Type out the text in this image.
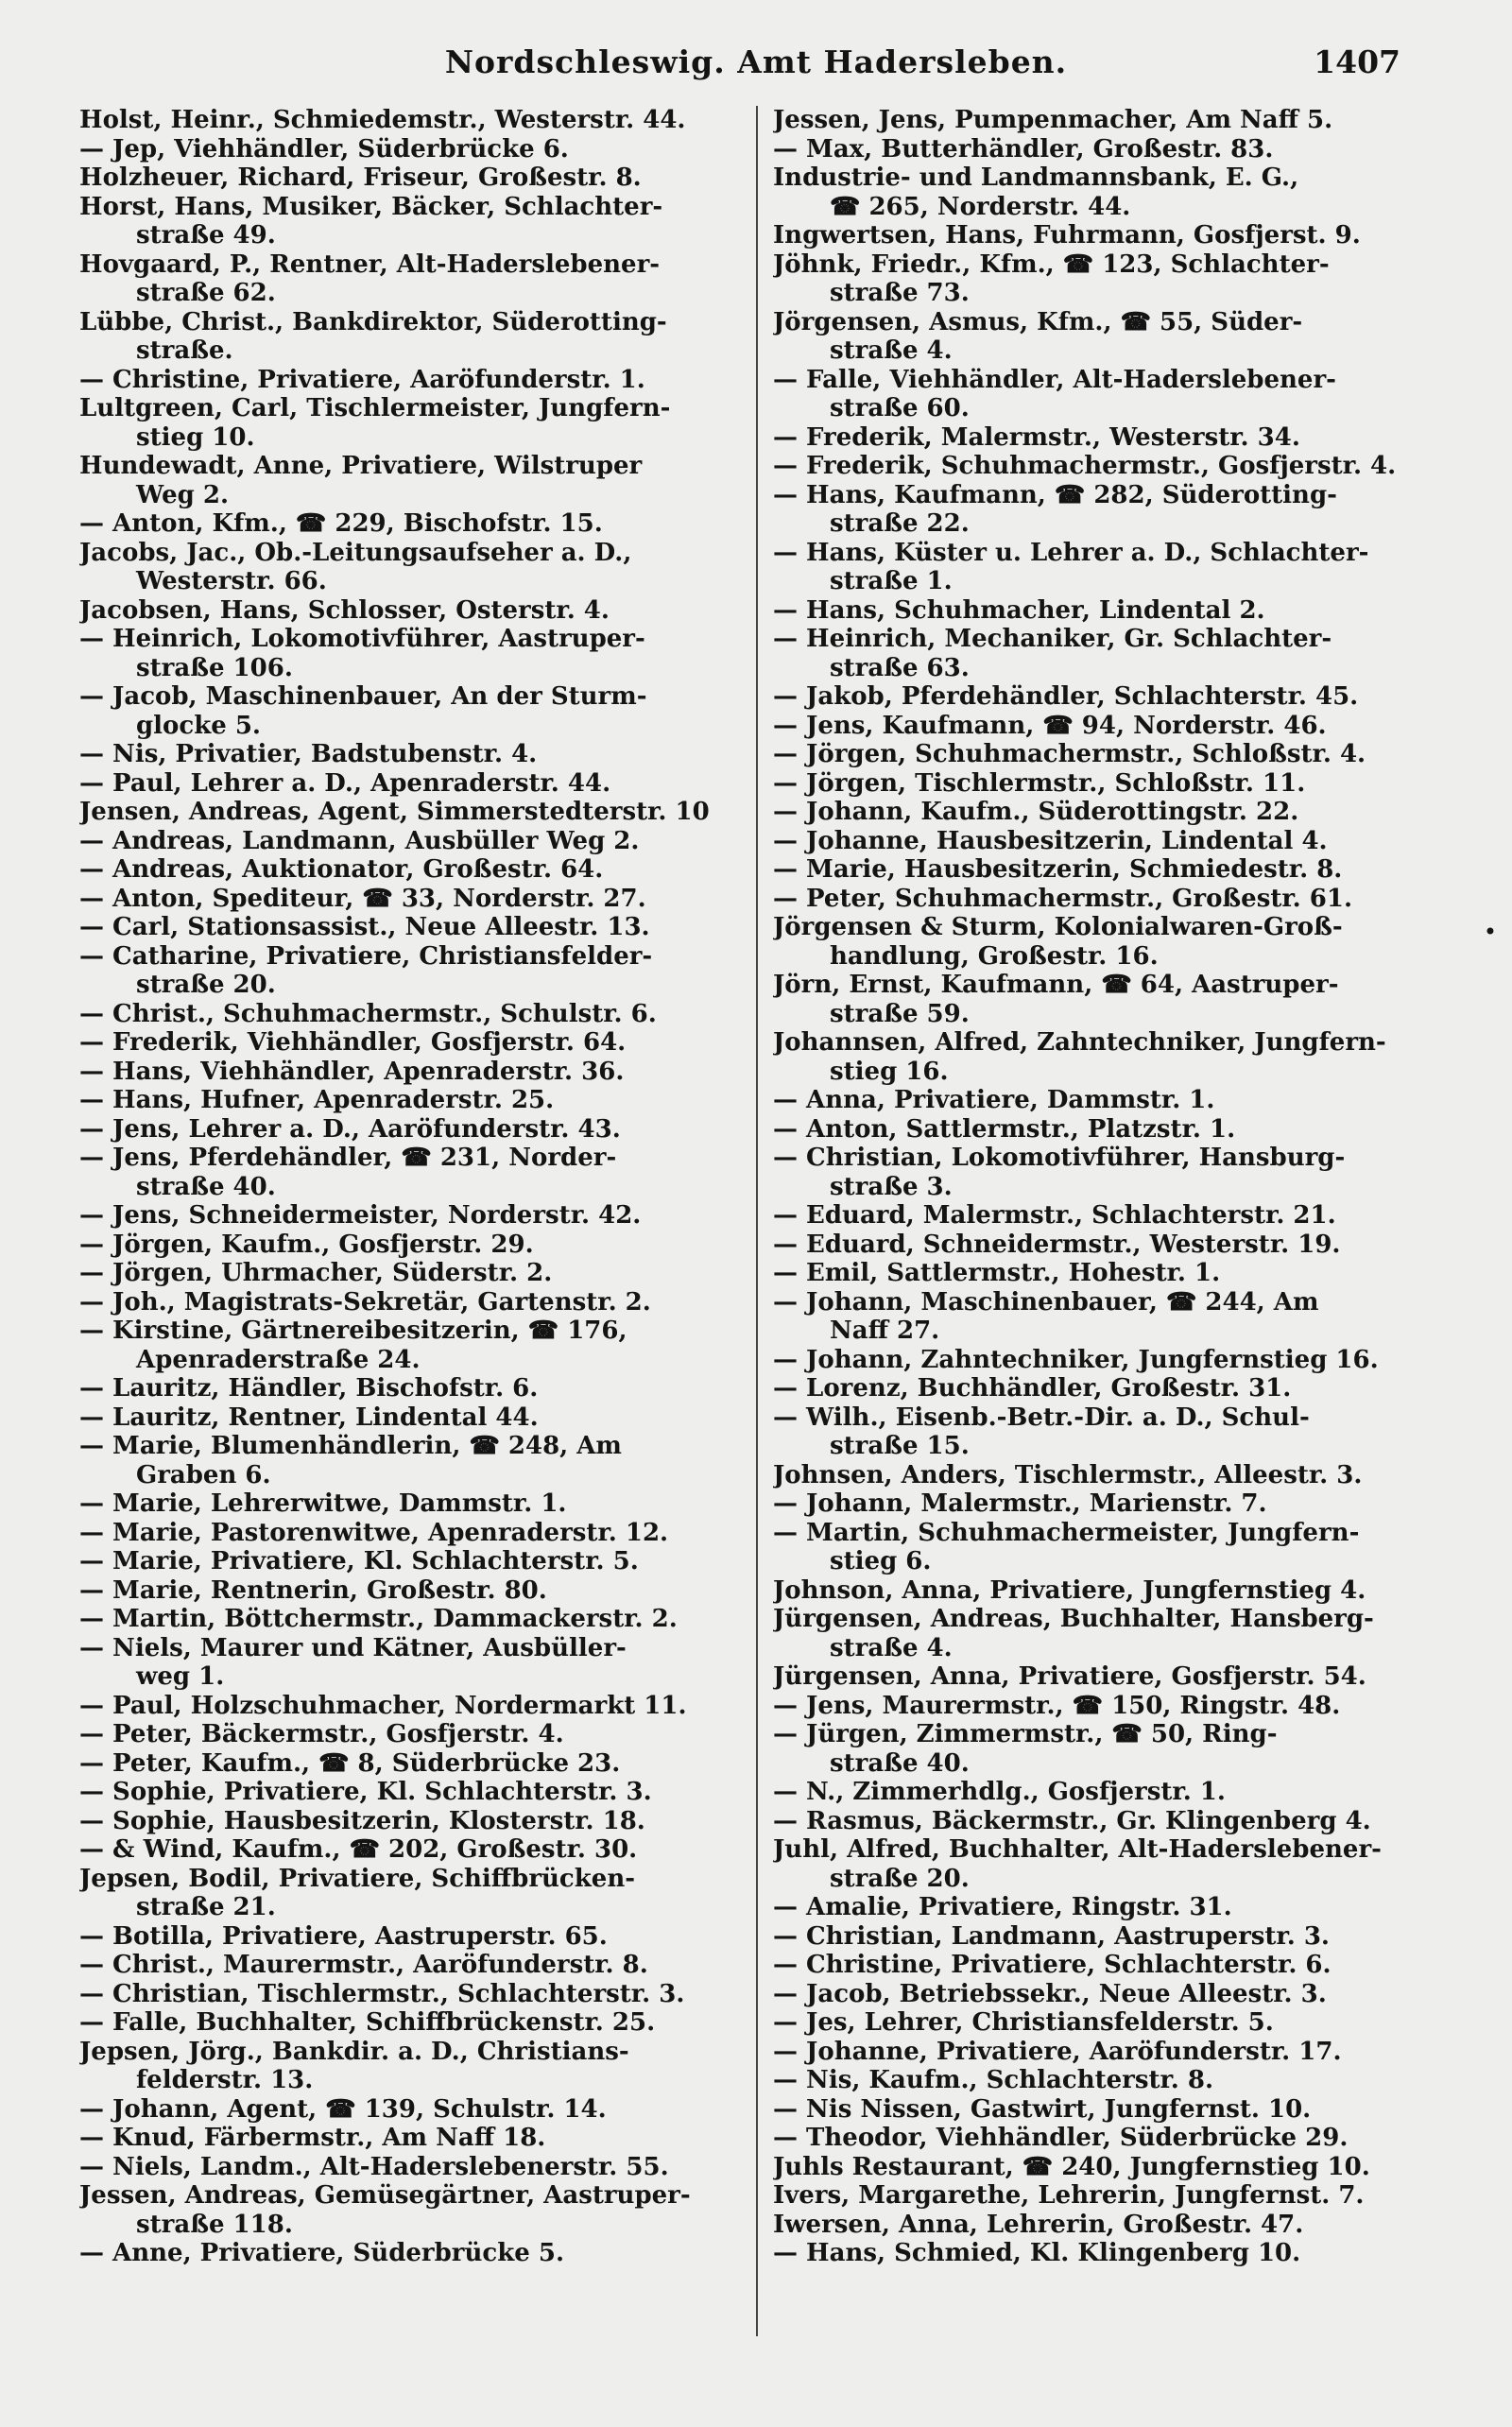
Nordschleswig. Amt Hadersleben.	1407
Holst, Heinr., Schmiedemstr., Westerstr. 44.
— Jep, Viehhändler, Süderbrücke 6.
Holzheuer, Richard, Friseur, Großestr. 8.
Horst, Hans, Musiker, Bäcker, Schlachter-
straße 49.
Hovgaard, P., Rentner, Alt-Haderslebener-
straße 62.
Lübbe, Christ., Bankdirektor, Süderotting-
straße.
— Christine, Privatiere, Aaröfunderstr. 1.
Lultgreen, Carl, Tischlermeister, Jungfern-
stieg 10.
Hundewadt, Anne, Privatiere, Wilstruper
Weg 2.
— Anton, Kfm., ☎ 229, Bischofstr. 15.
Jacobs, Jac., Ob.-Leitungsaufseher a. D.,
Westerstr. 66.
Jacobsen, Hans, Schlosser, Osterstr. 4.
— Heinrich, Lokomotivführer, Aastruper-
straße 106.
— Jacob, Maschinenbauer, An der Sturm-
glocke 5.
— Nis, Privatier, Badstubenstr. 4.
— Paul, Lehrer a. D., Apenraderstr. 44.
Jensen, Andreas, Agent, Simmerstedterstr. 10
— Andreas, Landmann, Ausbüller Weg 2.
— Andreas, Auktionator, Großestr. 64.
— Anton, Spediteur, ☎ 33, Norderstr. 27.
— Carl, Stationsassist., Neue Alleestr. 13.
— Catharine, Privatiere, Christiansfelder-
straße 20.
— Christ., Schuhmachermstr., Schulstr. 6.
— Frederik, Viehhändler, Gosfjerstr. 64.
— Hans, Viehhändler, Apenraderstr. 36.
— Hans, Hufner, Apenraderstr. 25.
— Jens, Lehrer a. D., Aaröfunderstr. 43.
— Jens, Pferdehändler, ☎ 231, Norder-
straße 40.
— Jens, Schneidermeister, Norderstr. 42.
— Jörgen, Kaufm., Gosfjerstr. 29.
— Jörgen, Uhrmacher, Süderstr. 2.
— Joh., Magistrats-Sekretär, Gartenstr. 2.
— Kirstine, Gärtnereibesitzerin, ☎ 176,
Apenraderstraße 24.
— Lauritz, Händler, Bischofstr. 6.
— Lauritz, Rentner, Lindental 44.
— Marie, Blumenhändlerin, ☎ 248, Am
Graben 6.
— Marie, Lehrerwitwe, Dammstr. 1.
— Marie, Pastorenwitwe, Apenraderstr. 12.
— Marie, Privatiere, Kl. Schlachterstr. 5.
— Marie, Rentnerin, Großestr. 80.
— Martin, Böttchermstr., Dammackerstr. 2.
— Niels, Maurer und Kätner, Ausbüller-
weg 1.
— Paul, Holzschuhmacher, Nordermarkt 11.
— Peter, Bäckermstr., Gosfjerstr. 4.
— Peter, Kaufm., ☎ 8, Süderbrücke 23.
— Sophie, Privatiere, Kl. Schlachterstr. 3.
— Sophie, Hausbesitzerin, Klosterstr. 18.
— & Wind, Kaufm., ☎ 202, Großestr. 30.
Jepsen, Bodil, Privatiere, Schiffbrücken-
straße 21.
— Botilla, Privatiere, Aastruperstr. 65.
— Christ., Maurermstr., Aaröfunderstr. 8.
— Christian, Tischlermstr., Schlachterstr. 3.
— Falle, Buchhalter, Schiffbrückenstr. 25.
Jepsen, Jörg., Bankdir. a. D., Christians-
felderstr. 13.
— Johann, Agent, ☎ 139, Schulstr. 14.
— Knud, Färbermstr., Am Naff 18.
— Niels, Landm., Alt-Haderslebenerstr. 55.
Jessen, Andreas, Gemüsegärtner, Aastruper-
straße 118.
— Anne, Privatiere, Süderbrücke 5.
Jessen, Jens, Pumpenmacher, Am Naff 5.
— Max, Butterhändler, Großestr. 83.
Industrie- und Landmannsbank, E. G.,
☎ 265, Norderstr. 44.
Ingwertsen, Hans, Fuhrmann, Gosfjerst. 9.
Jöhnk, Friedr., Kfm., ☎ 123, Schlachter-
straße 73.
Jörgensen, Asmus, Kfm., ☎ 55, Süder-
straße 4.
— Falle, Viehhändler, Alt-Haderslebener-
straße 60.
— Frederik, Malermstr., Westerstr. 34.
— Frederik, Schuhmachermstr., Gosfjerstr. 4.
— Hans, Kaufmann, ☎ 282, Süderotting-
straße 22.
— Hans, Küster u. Lehrer a. D., Schlachter-
straße 1.
— Hans, Schuhmacher, Lindental 2.
— Heinrich, Mechaniker, Gr. Schlachter-
straße 63.
— Jakob, Pferdehändler, Schlachterstr. 45.
— Jens, Kaufmann, ☎ 94, Norderstr. 46.
— Jörgen, Schuhmachermstr., Schloßstr. 4.
— Jörgen, Tischlermstr., Schloßstr. 11.
— Johann, Kaufm., Süderottingstr. 22.
— Johanne, Hausbesitzerin, Lindental 4.
— Marie, Hausbesitzerin, Schmiedestr. 8.
— Peter, Schuhmachermstr., Großestr. 61.
Jörgensen & Sturm, Kolonialwaren-Groß-
handlung, Großestr. 16.
Jörn, Ernst, Kaufmann, ☎ 64, Aastruper-
straße 59.
Johannsen, Alfred, Zahntechniker, Jungfern-
stieg 16.
— Anna, Privatiere, Dammstr. 1.
— Anton, Sattlermstr., Platzstr. 1.
— Christian, Lokomotivführer, Hansburg-
straße 3.
— Eduard, Malermstr., Schlachterstr. 21.
— Eduard, Schneidermstr., Westerstr. 19.
— Emil, Sattlermstr., Hohestr. 1.
— Johann, Maschinenbauer, ☎ 244, Am
Naff 27.
— Johann, Zahntechniker, Jungfernstieg 16.
— Lorenz, Buchhändler, Großestr. 31.
— Wilh., Eisenb.-Betr.-Dir. a. D., Schul-
straße 15.
Johnsen, Anders, Tischlermstr., Alleestr. 3.
— Johann, Malermstr., Marienstr. 7.
— Martin, Schuhmachermeister, Jungfern-
stieg 6.
Johnson, Anna, Privatiere, Jungfernstieg 4.
Jürgensen, Andreas, Buchhalter, Hansberg-
straße 4.
Jürgensen, Anna, Privatiere, Gosfjerstr. 54.
— Jens, Maurermstr., ☎ 150, Ringstr. 48.
— Jürgen, Zimmermstr., ☎ 50, Ring-
straße 40.
— N., Zimmerhdlg., Gosfjerstr. 1.
— Rasmus, Bäckermstr., Gr. Klingenberg 4.
Juhl, Alfred, Buchhalter, Alt-Haderslebener-
straße 20.
— Amalie, Privatiere, Ringstr. 31.
— Christian, Landmann, Aastruperstr. 3.
— Christine, Privatiere, Schlachterstr. 6.
— Jacob, Betriebssekr., Neue Alleestr. 3.
— Jes, Lehrer, Christiansfelderstr. 5.
— Johanne, Privatiere, Aaröfunderstr. 17.
— Nis, Kaufm., Schlachterstr. 8.
— Nis Nissen, Gastwirt, Jungfernst. 10.
— Theodor, Viehhändler, Süderbrücke 29.
Juhls Restaurant, ☎ 240, Jungfernstieg 10.
Ivers, Margarethe, Lehrerin, Jungfernst. 7.
Iwersen, Anna, Lehrerin, Großestr. 47.
— Hans, Schmied, Kl. Klingenberg 10.
•
